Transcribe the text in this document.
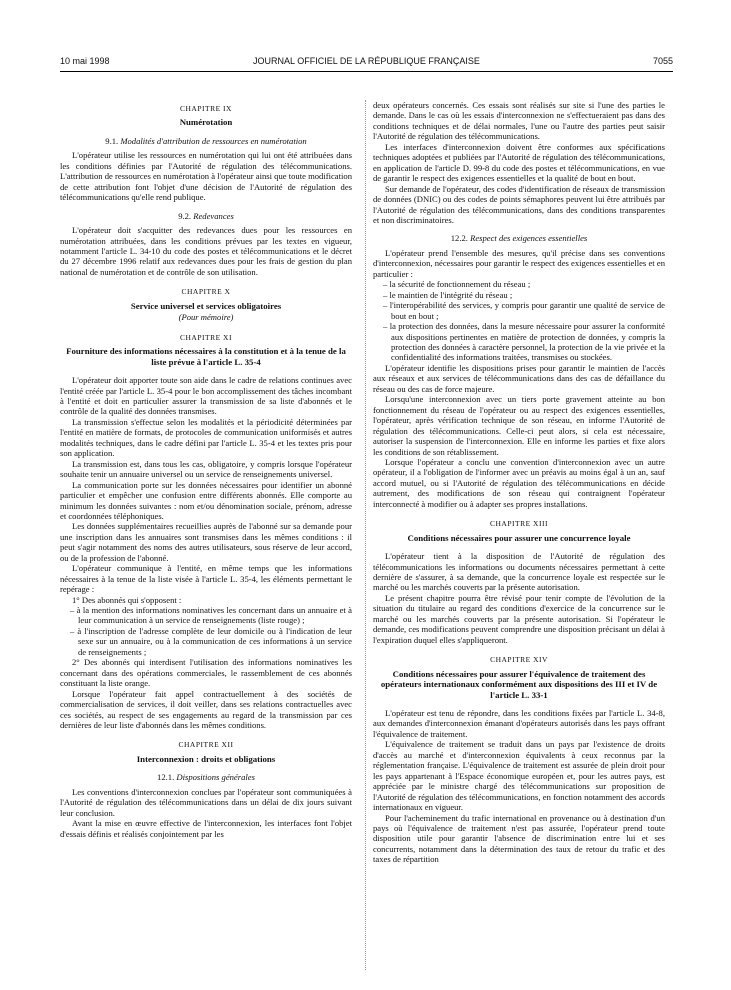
10 mai 1998	JOURNAL OFFICIEL DE LA RÉPUBLIQUE FRANÇAISE	7055

CHAPITRE IX

Numérotation

9.1. Modalités d'attribution de ressources en numérotation

L'opérateur utilise les ressources en numérotation qui lui ont été attribuées dans les conditions définies par l'Autorité de régulation des télécommunications. L'attribution de ressources en numérotation à l'opérateur ainsi que toute modification de cette attribution font l'objet d'une décision de l'Autorité de régulation des télécommunications qu'elle rend publique.

9.2. Redevances

L'opérateur doit s'acquitter des redevances dues pour les ressources en numérotation attribuées, dans les conditions prévues par les textes en vigueur, notamment l'article L. 34-10 du code des postes et télécommunications et le décret du 27 décembre 1996 relatif aux redevances dues pour les frais de gestion du plan national de numérotation et de contrôle de son utilisation.

CHAPITRE X

Service universel et services obligatoires

(Pour mémoire)

CHAPITRE XI

Fourniture des informations nécessaires à la constitution et à la tenue de la liste prévue à l'article L. 35-4

L'opérateur doit apporter toute son aide dans le cadre de relations continues avec l'entité créée par l'article L. 35-4 pour le bon accomplissement des tâches incombant à l'entité et doit en particulier assurer la transmission de sa liste d'abonnés et le contrôle de la qualité des données transmises.

La transmission s'effectue selon les modalités et la périodicité déterminées par l'entité en matière de formats, de protocoles de communication uniformisés et autres modalités techniques, dans le cadre défini par l'article L. 35-4 et les textes pris pour son application.

La transmission est, dans tous les cas, obligatoire, y compris lorsque l'opérateur souhaite tenir un annuaire universel ou un service de renseignements universel.

La communication porte sur les données nécessaires pour identifier un abonné particulier et empêcher une confusion entre différents abonnés. Elle comporte au minimum les données suivantes : nom et/ou dénomination sociale, prénom, adresse et coordonnées téléphoniques.

Les données supplémentaires recueillies auprès de l'abonné sur sa demande pour une inscription dans les annuaires sont transmises dans les mêmes conditions : il peut s'agir notamment des noms des autres utilisateurs, sous réserve de leur accord, ou de la profession de l'abonné.

L'opérateur communique à l'entité, en même temps que les informations nécessaires à la tenue de la liste visée à l'article L. 35-4, les éléments permettant le repérage :

1° Des abonnés qui s'opposent :

– à la mention des informations nominatives les concernant dans un annuaire et à leur communication à un service de renseignements (liste rouge) ;

– à l'inscription de l'adresse complète de leur domicile ou à l'indication de leur sexe sur un annuaire, ou à la communication de ces informations à un service de renseignements ;

2° Des abonnés qui interdisent l'utilisation des informations nominatives les concernant dans des opérations commerciales, le rassemblement de ces abonnés constituant la liste orange.

Lorsque l'opérateur fait appel contractuellement à des sociétés de commercialisation de services, il doit veiller, dans ses relations contractuelles avec ces sociétés, au respect de ses engagements au regard de la transmission par ces dernières de leur liste d'abonnés dans les mêmes conditions.

CHAPITRE XII

Interconnexion : droits et obligations

12.1. Dispositions générales

Les conventions d'interconnexion conclues par l'opérateur sont communiquées à l'Autorité de régulation des télécommunications dans un délai de dix jours suivant leur conclusion.

Avant la mise en œuvre effective de l'interconnexion, les interfaces font l'objet d'essais définis et réalisés conjointement par les

deux opérateurs concernés. Ces essais sont réalisés sur site si l'une des parties le demande. Dans le cas où les essais d'interconnexion ne s'effectueraient pas dans des conditions techniques et de délai normales, l'une ou l'autre des parties peut saisir l'Autorité de régulation des télécommunications.

Les interfaces d'interconnexion doivent être conformes aux spécifications techniques adoptées et publiées par l'Autorité de régulation des télécommunications, en application de l'article D. 99-8 du code des postes et télécommunications, en vue de garantir le respect des exigences essentielles et la qualité de bout en bout.

Sur demande de l'opérateur, des codes d'identification de réseaux de transmission de données (DNIC) ou des codes de points sémaphores peuvent lui être attribués par l'Autorité de régulation des télécommunications, dans des conditions transparentes et non discriminatoires.

12.2. Respect des exigences essentielles

L'opérateur prend l'ensemble des mesures, qu'il précise dans ses conventions d'interconnexion, nécessaires pour garantir le respect des exigences essentielles et en particulier :

– la sécurité de fonctionnement du réseau ;

– le maintien de l'intégrité du réseau ;

– l'interopérabilité des services, y compris pour garantir une qualité de service de bout en bout ;

– la protection des données, dans la mesure nécessaire pour assurer la conformité aux dispositions pertinentes en matière de protection de données, y compris la protection des données à caractère personnel, la protection de la vie privée et la confidentialité des informations traitées, transmises ou stockées.

L'opérateur identifie les dispositions prises pour garantir le maintien de l'accès aux réseaux et aux services de télécommunications dans des cas de défaillance du réseau ou des cas de force majeure.

Lorsqu'une interconnexion avec un tiers porte gravement atteinte au bon fonctionnement du réseau de l'opérateur ou au respect des exigences essentielles, l'opérateur, après vérification technique de son réseau, en informe l'Autorité de régulation des télécommunications. Celle-ci peut alors, si cela est nécessaire, autoriser la suspension de l'interconnexion. Elle en informe les parties et fixe alors les conditions de son rétablissement.

Lorsque l'opérateur a conclu une convention d'interconnexion avec un autre opérateur, il a l'obligation de l'informer avec un préavis au moins égal à un an, sauf accord mutuel, ou si l'Autorité de régulation des télécommunications en décide autrement, des modifications de son réseau qui contraignent l'opérateur interconnecté à modifier ou à adapter ses propres installations.

CHAPITRE XIII

Conditions nécessaires pour assurer une concurrence loyale

L'opérateur tient à la disposition de l'Autorité de régulation des télécommunications les informations ou documents nécessaires permettant à cette dernière de s'assurer, à sa demande, que la concurrence loyale est respectée sur le marché ou les marchés couverts par la présente autorisation.

Le présent chapitre pourra être révisé pour tenir compte de l'évolution de la situation du titulaire au regard des conditions d'exercice de la concurrence sur le marché ou les marchés couverts par la présente autorisation. Si l'opérateur le demande, ces modifications peuvent comprendre une disposition précisant un délai à l'expiration duquel elles s'appliqueront.

CHAPITRE XIV

Conditions nécessaires pour assurer l'équivalence de traitement des opérateurs internationaux conformément aux dispositions des III et IV de l'article L. 33-1

L'opérateur est tenu de répondre, dans les conditions fixées par l'article L. 34-8, aux demandes d'interconnexion émanant d'opérateurs autorisés dans les pays offrant l'équivalence de traitement.

L'équivalence de traitement se traduit dans un pays par l'existence de droits d'accès au marché et d'interconnexion équivalents à ceux reconnus par la réglementation française. L'équivalence de traitement est assurée de plein droit pour les pays appartenant à l'Espace économique européen et, pour les autres pays, est appréciée par le ministre chargé des télécommunications sur proposition de l'Autorité de régulation des télécommunications, en fonction notamment des accords internationaux en vigueur.

Pour l'acheminement du trafic international en provenance ou à destination d'un pays où l'équivalence de traitement n'est pas assurée, l'opérateur prend toute disposition utile pour garantir l'absence de discrimination entre lui et ses concurrents, notamment dans la détermination des taux de retour du trafic et des taxes de répartition
